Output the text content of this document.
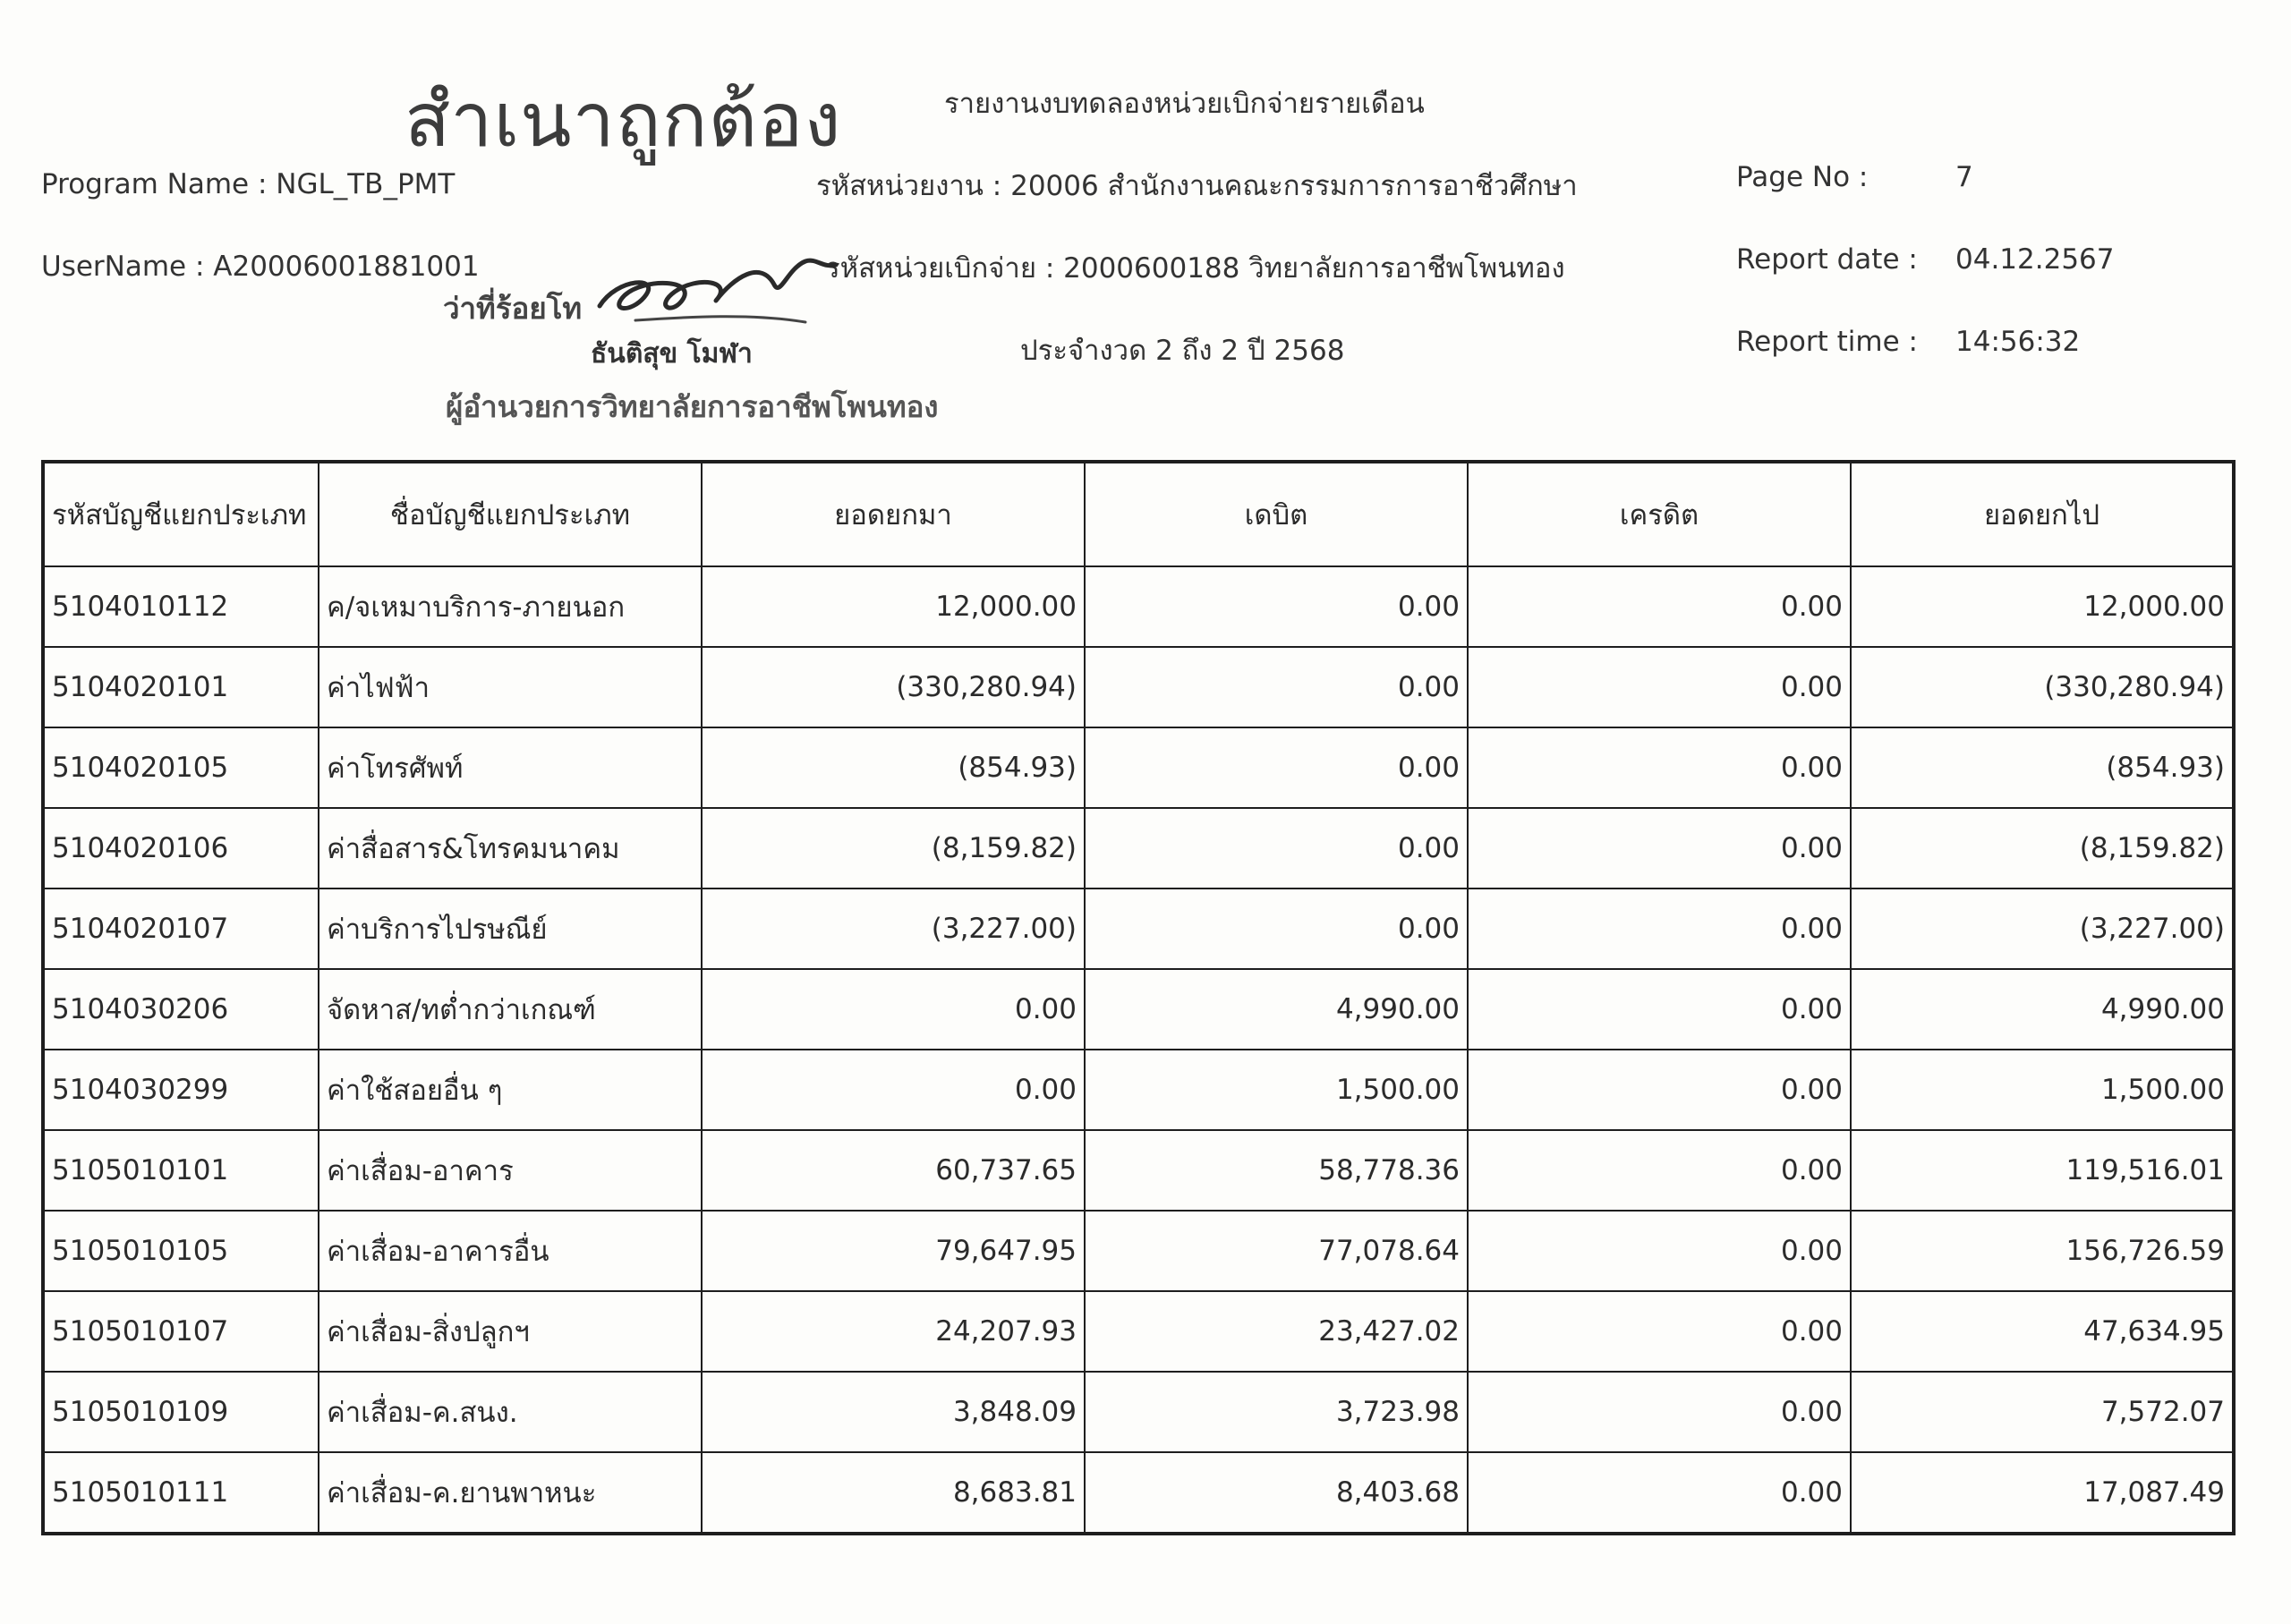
สำเนาถูกต้อง	รายงานงบทดลองหน่วยเบิกจ่ายรายเดือน
Program Name : NGL_TB_PMT	รหัสหน่วยงาน : 20006 สำนักงานคณะกรรมการการอาชีวศึกษา	Page No :	7
UserName : A20006001881001	รหัสหน่วยเบิกจ่าย : 2000600188 วิทยาลัยการอาชีพโพนทอง	Report date : 04.12.2567
ว่าที่ร้อยโท
ธันติสุข โมฬา	ประจำงวด 2 ถึง 2 ปี 2568	Report time : 14:56:32
ผู้อำนวยการวิทยาลัยการอาชีพโพนทอง
รหัสบัญชีแยกประเภท	ชื่อบัญชีแยกประเภท	ยอดยกมา	เดบิต	เครดิต	ยอดยกไป
5104010112	ค/จเหมาบริการ-ภายนอก	12,000.00	0.00	0.00	12,000.00
5104020101	ค่าไฟฟ้า	(330,280.94)	0.00	0.00	(330,280.94)
5104020105	ค่าโทรศัพท์	(854.93)	0.00	0.00	(854.93)
5104020106	ค่าสื่อสาร&โทรคมนาคม	(8,159.82)	0.00	0.00	(8,159.82)
5104020107	ค่าบริการไปรษณีย์	(3,227.00)	0.00	0.00	(3,227.00)
5104030206	จัดหาส/ทต่ำกว่าเกณฑ์	0.00	4,990.00	0.00	4,990.00
5104030299	ค่าใช้สอยอื่น ๆ	0.00	1,500.00	0.00	1,500.00
5105010101	ค่าเสื่อม-อาคาร	60,737.65	58,778.36	0.00	119,516.01
5105010105	ค่าเสื่อม-อาคารอื่น	79,647.95	77,078.64	0.00	156,726.59
5105010107	ค่าเสื่อม-สิ่งปลูกฯ	24,207.93	23,427.02	0.00	47,634.95
5105010109	ค่าเสื่อม-ค.สนง.	3,848.09	3,723.98	0.00	7,572.07
5105010111	ค่าเสื่อม-ค.ยานพาหนะ	8,683.81	8,403.68	0.00	17,087.49
